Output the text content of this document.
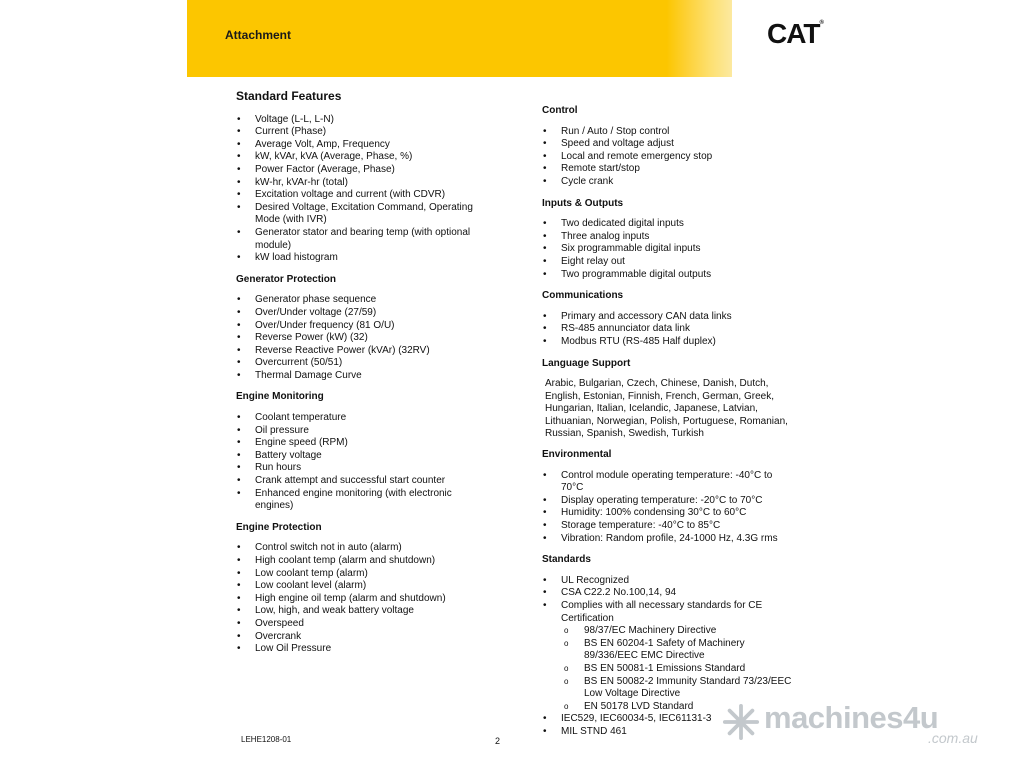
Attachment	CAT®
Standard Features
• Voltage (L-L, L-N)
• Current (Phase)
• Average Volt, Amp, Frequency
• kW, kVAr, kVA (Average, Phase, %)
• Power Factor (Average, Phase)
• kW-hr, kVAr-hr (total)
• Excitation voltage and current (with CDVR)
• Desired Voltage, Excitation Command, Operating Mode (with IVR)
• Generator stator and bearing temp (with optional module)
• kW load histogram
Generator Protection
• Generator phase sequence
• Over/Under voltage (27/59)
• Over/Under frequency (81 O/U)
• Reverse Power (kW) (32)
• Reverse Reactive Power (kVAr) (32RV)
• Overcurrent (50/51)
• Thermal Damage Curve
Engine Monitoring
• Coolant temperature
• Oil pressure
• Engine speed (RPM)
• Battery voltage
• Run hours
• Crank attempt and successful start counter
• Enhanced engine monitoring (with electronic engines)
Engine Protection
• Control switch not in auto (alarm)
• High coolant temp (alarm and shutdown)
• Low coolant temp (alarm)
• Low coolant level (alarm)
• High engine oil temp (alarm and shutdown)
• Low, high, and weak battery voltage
• Overspeed
• Overcrank
• Low Oil Pressure
Control
• Run / Auto / Stop control
• Speed and voltage adjust
• Local and remote emergency stop
• Remote start/stop
• Cycle crank
Inputs & Outputs
• Two dedicated digital inputs
• Three analog inputs
• Six programmable digital inputs
• Eight relay out
• Two programmable digital outputs
Communications
• Primary and accessory CAN data links
• RS-485 annunciator data link
• Modbus RTU (RS-485 Half duplex)
Language Support
Arabic, Bulgarian, Czech, Chinese, Danish, Dutch, English, Estonian, Finnish, French, German, Greek, Hungarian, Italian, Icelandic, Japanese, Latvian, Lithuanian, Norwegian, Polish, Portuguese, Romanian, Russian, Spanish, Swedish, Turkish
Environmental
• Control module operating temperature: -40°C to 70°C
• Display operating temperature: -20°C to 70°C
• Humidity: 100% condensing 30°C to 60°C
• Storage temperature: -40°C to 85°C
• Vibration: Random profile, 24-1000 Hz, 4.3G rms
Standards
• UL Recognized
• CSA C22.2 No.100,14, 94
• Complies with all necessary standards for CE Certification
o 98/37/EC Machinery Directive
o BS EN 60204-1 Safety of Machinery 89/336/EEC EMC Directive
o BS EN 50081-1 Emissions Standard
o BS EN 50082-2 Immunity Standard 73/23/EEC Low Voltage Directive
o EN 50178 LVD Standard
• IEC529, IEC60034-5, IEC61131-3
• MIL STND 461
LEHE1208-01	2
machines4u
.com.au
